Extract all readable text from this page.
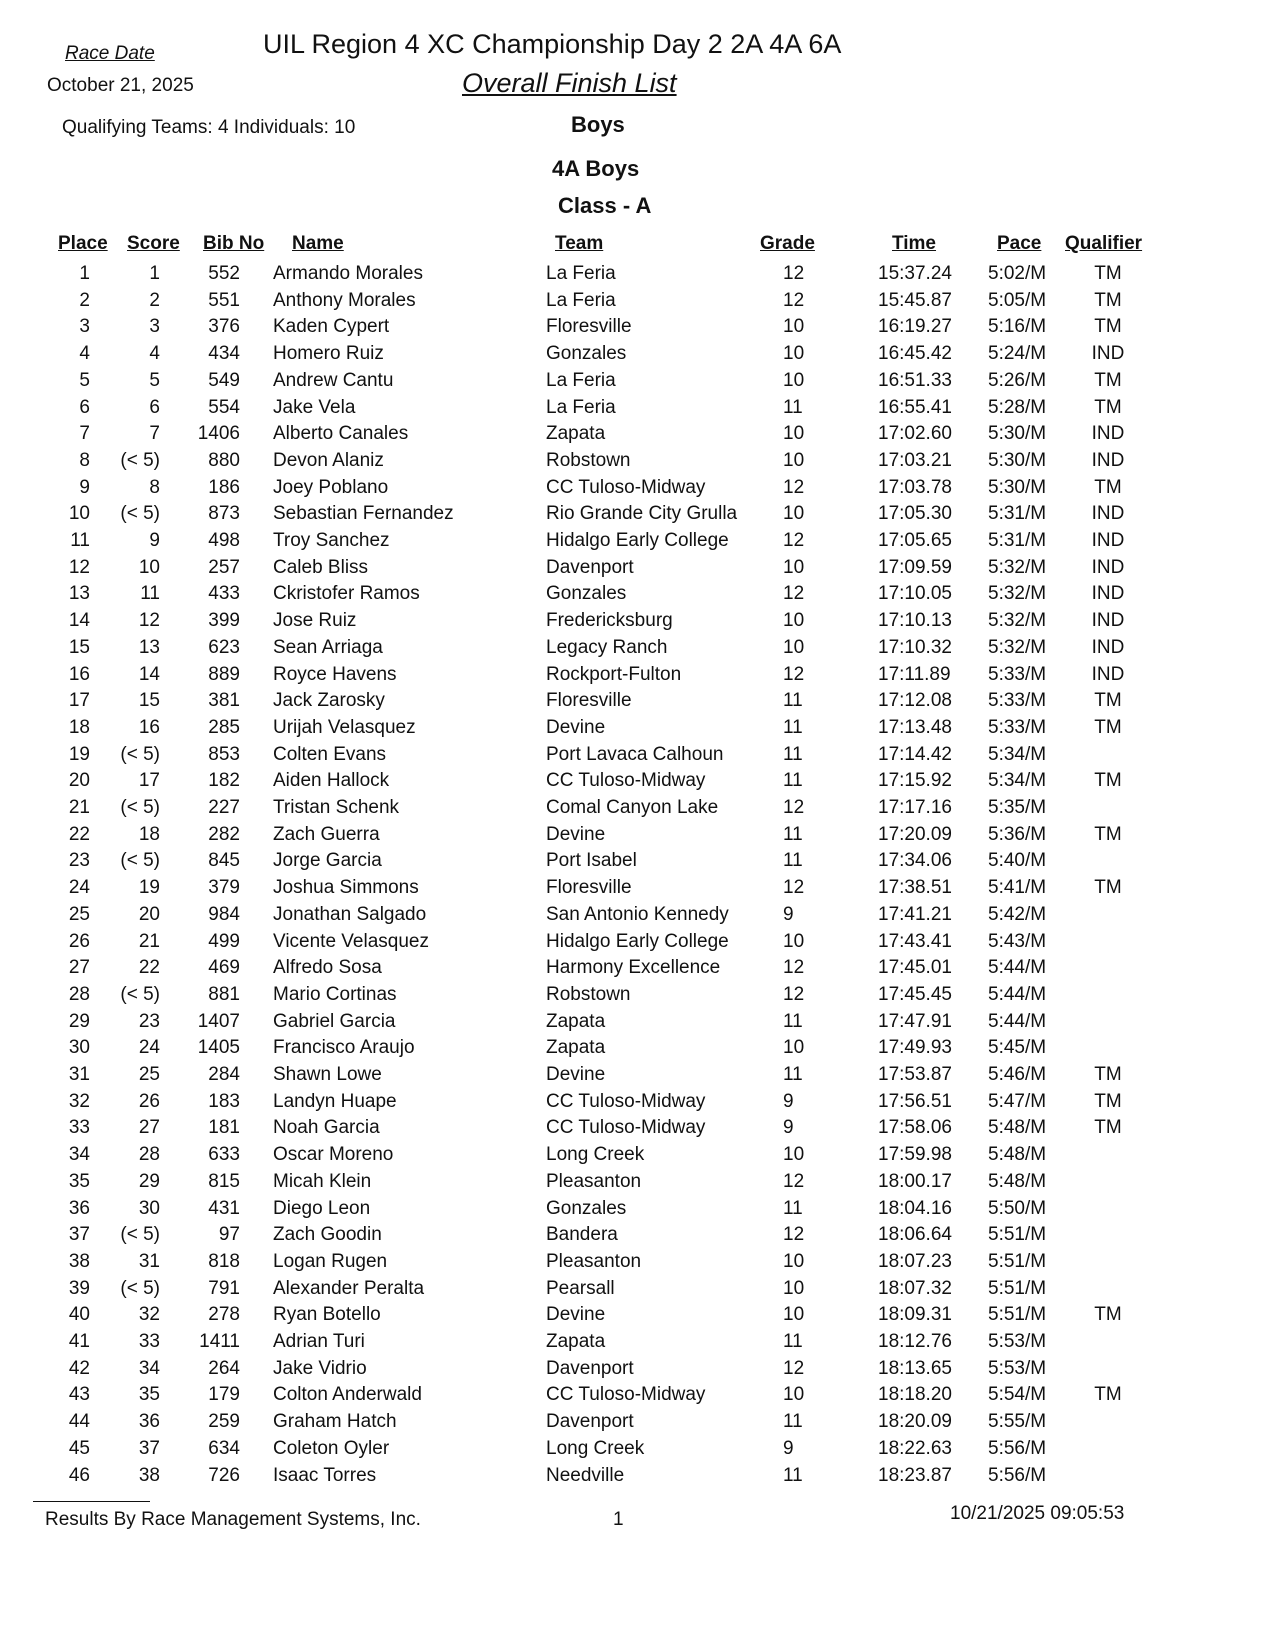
Race Date
October 21, 2025
UIL Region 4 XC Championship Day 2 2A 4A 6A
Overall Finish List
Qualifying Teams: 4 Individuals: 10	Boys
4A Boys
Class - A
Place Score Bib No Name	Team	Grade	Time	Pace Qualifier
1	1	552 Armando Morales	La Feria	12	15:37.24 5:02/M	TM
2	2	551 Anthony Morales	La Feria	12	15:45.87 5:05/M	TM
3	3	376 Kaden Cypert	Floresville	10	16:19.27 5:16/M	TM
4	4	434 Homero Ruiz	Gonzales	10	16:45.42 5:24/M	IND
5	5	549 Andrew Cantu	La Feria	10	16:51.33 5:26/M	TM
6	6	554 Jake Vela	La Feria	11	16:55.41 5:28/M	TM
7	7 1406 Alberto Canales	Zapata	10	17:02.60 5:30/M	IND
8 (< 5)	880 Devon Alaniz	Robstown	10	17:03.21 5:30/M	IND
9	8	186 Joey Poblano	CC Tuloso-Midway	12	17:03.78 5:30/M	TM
10 (< 5)	873 Sebastian Fernandez	Rio Grande City Grulla 10	17:05.30 5:31/M	IND
11	9	498 Troy Sanchez	Hidalgo Early College	12	17:05.65 5:31/M	IND
12	10	257 Caleb Bliss	Davenport	10	17:09.59 5:32/M	IND
13	11	433 Ckristofer Ramos	Gonzales	12	17:10.05 5:32/M	IND
14	12	399 Jose Ruiz	Fredericksburg	10	17:10.13 5:32/M	IND
15	13	623 Sean Arriaga	Legacy Ranch	10	17:10.32 5:32/M	IND
16	14	889 Royce Havens	Rockport-Fulton	12	17:11.89 5:33/M	IND
17	15	381 Jack Zarosky	Floresville	11	17:12.08 5:33/M	TM
18	16	285 Urijah Velasquez	Devine	11	17:13.48 5:33/M	TM
19 (< 5)	853 Colten Evans	Port Lavaca Calhoun	11	17:14.42 5:34/M
20	17	182 Aiden Hallock	CC Tuloso-Midway	11	17:15.92 5:34/M	TM
21 (< 5)	227 Tristan Schenk	Comal Canyon Lake	12	17:17.16 5:35/M
22	18	282 Zach Guerra	Devine	11	17:20.09 5:36/M	TM
23 (< 5)	845 Jorge Garcia	Port Isabel	11	17:34.06 5:40/M
24	19	379 Joshua Simmons	Floresville	12	17:38.51 5:41/M	TM
25	20	984 Jonathan Salgado	San Antonio Kennedy	9	17:41.21 5:42/M
26	21	499 Vicente Velasquez	Hidalgo Early College	10	17:43.41 5:43/M
27	22	469 Alfredo Sosa	Harmony Excellence	12	17:45.01 5:44/M
28 (< 5)	881 Mario Cortinas	Robstown	12	17:45.45 5:44/M
29	23 1407 Gabriel Garcia	Zapata	11	17:47.91 5:44/M
30	24 1405 Francisco Araujo	Zapata	10	17:49.93 5:45/M
31	25	284 Shawn Lowe	Devine	11	17:53.87 5:46/M	TM
32	26	183 Landyn Huape	CC Tuloso-Midway	9	17:56.51 5:47/M	TM
33	27	181 Noah Garcia	CC Tuloso-Midway	9	17:58.06 5:48/M	TM
34	28	633 Oscar Moreno	Long Creek	10	17:59.98 5:48/M
35	29	815 Micah Klein	Pleasanton	12	18:00.17 5:48/M
36	30	431 Diego Leon	Gonzales	11	18:04.16 5:50/M
37 (< 5)	97 Zach Goodin	Bandera	12	18:06.64 5:51/M
38	31	818 Logan Rugen	Pleasanton	10	18:07.23 5:51/M
39 (< 5)	791 Alexander Peralta	Pearsall	10	18:07.32 5:51/M
40	32	278 Ryan Botello	Devine	10	18:09.31 5:51/M	TM
41	33 1411 Adrian Turi	Zapata	11	18:12.76 5:53/M
42	34	264 Jake Vidrio	Davenport	12	18:13.65 5:53/M
43	35	179 Colton Anderwald	CC Tuloso-Midway	10	18:18.20 5:54/M	TM
44	36	259 Graham Hatch	Davenport	11	18:20.09 5:55/M
45	37	634 Coleton Oyler	Long Creek	9	18:22.63 5:56/M
46	38	726 Isaac Torres	Needville	11	18:23.87 5:56/M
Results By Race Management Systems, Inc.	1	10/21/2025 09:05:53
